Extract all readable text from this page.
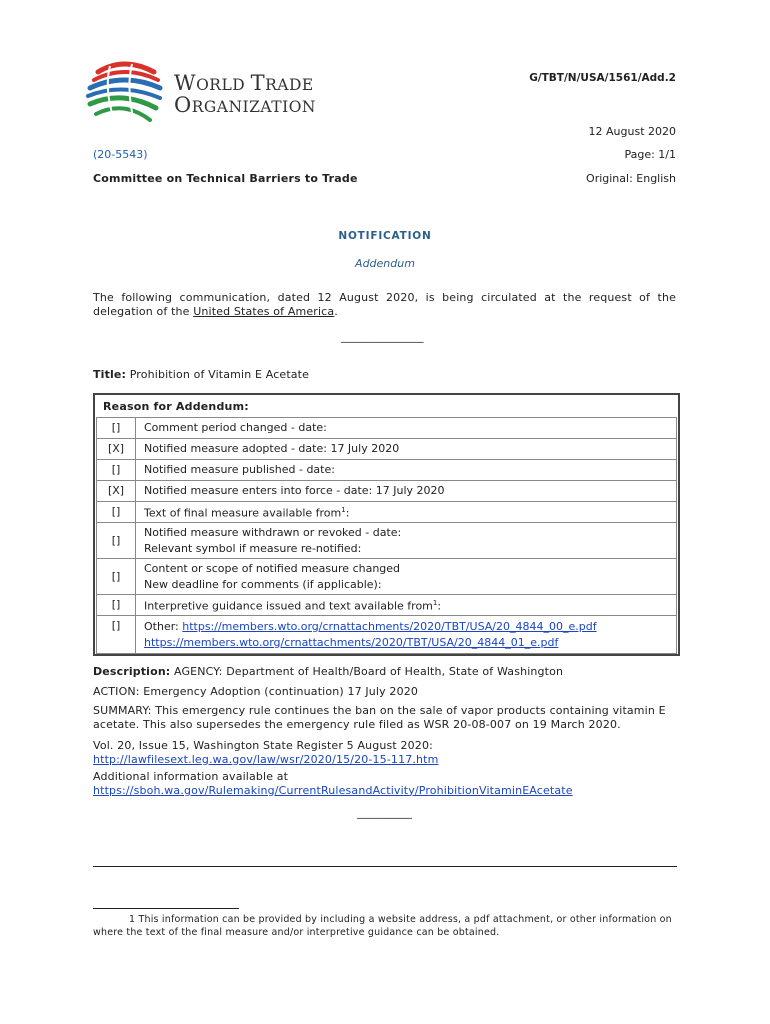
WORLD TRADE
ORGANIZATION
G/TBT/N/USA/1561/Add.2
12 August 2020
(20-5543)	Page: 1/1
Committee on Technical Barriers to Trade	Original: English
NOTIFICATION
Addendum
The following communication, dated 12 August 2020, is being circulated at the request of the delegation of the United States of America.
_______________
Title: Prohibition of Vitamin E Acetate
Reason for Addendum:
[]	Comment period changed - date:
[X]	Notified measure adopted - date: 17 July 2020
[]	Notified measure published - date:
[X]	Notified measure enters into force - date: 17 July 2020
[]	Text of final measure available from$^1$:
[]	Notified measure withdrawn or revoked - date:
Relevant symbol if measure re-notified:

[]	Content or scope of notified measure changed
New deadline for comments (if applicable):

[]	Interpretive guidance issued and text available from$^1$:
[]	Other: https://members.wto.org/crnattachments/2020/TBT/USA/20_4844_00_e.pdf
https://members.wto.org/crnattachments/2020/TBT/USA/20_4844_01_e.pdf
Description: AGENCY: Department of Health/Board of Health, State of Washington
ACTION: Emergency Adoption (continuation) 17 July 2020
SUMMARY: This emergency rule continues the ban on the sale of vapor products containing vitamin E acetate. This also supersedes the emergency rule filed as WSR 20-08-007 on 19 March 2020.
Vol. 20, Issue 15, Washington State Register 5 August 2020:
http://lawfilesext.leg.wa.gov/law/wsr/2020/15/20-15-117.htm
Additional information available at
https://sboh.wa.gov/Rulemaking/CurrentRulesandActivity/ProhibitionVitaminEAcetate
__________
1 This information can be provided by including a website address, a pdf attachment, or other information on where the text of the final measure and/or interpretive guidance can be obtained.
